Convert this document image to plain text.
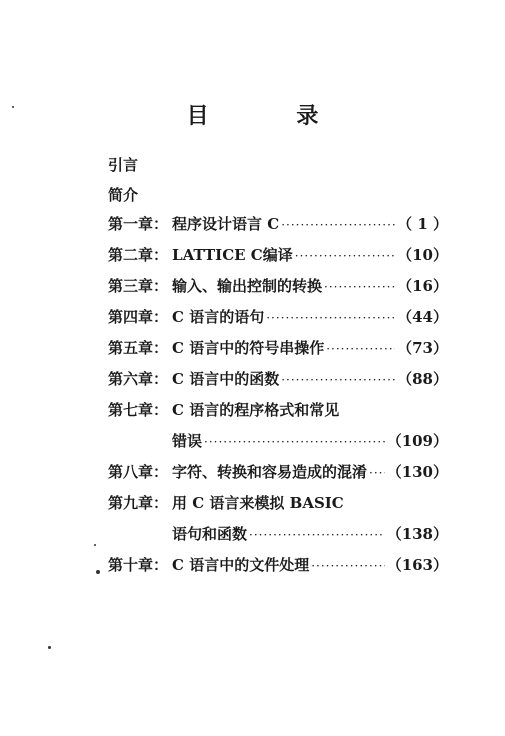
目 录
引言
简介
第一章 ： 程序设计语言 C ·····	（ 1 ）
第二章 ： LATTICE C编译 ·····	（10）
第三章 ： 输入、输出控制的转换 ·····	（16）
第四章 ： C 语言的语句 ·····	（44）
第五章 ： C 语言中的符号串操作 ·····	（73）
第六章 ： C 语言中的函数 ·····	（88）
第七章 ： C 语言的程序格式和常见
错误 ·····	（109）
第八章 ： 字符、转换和容易造成的混淆 ····· （130）
第九章 ： 用 C 语言来模拟 BASIC
语句和函数 ·····	（138）
第十章 ： C 语言中的文件处理 ·····	（163）
